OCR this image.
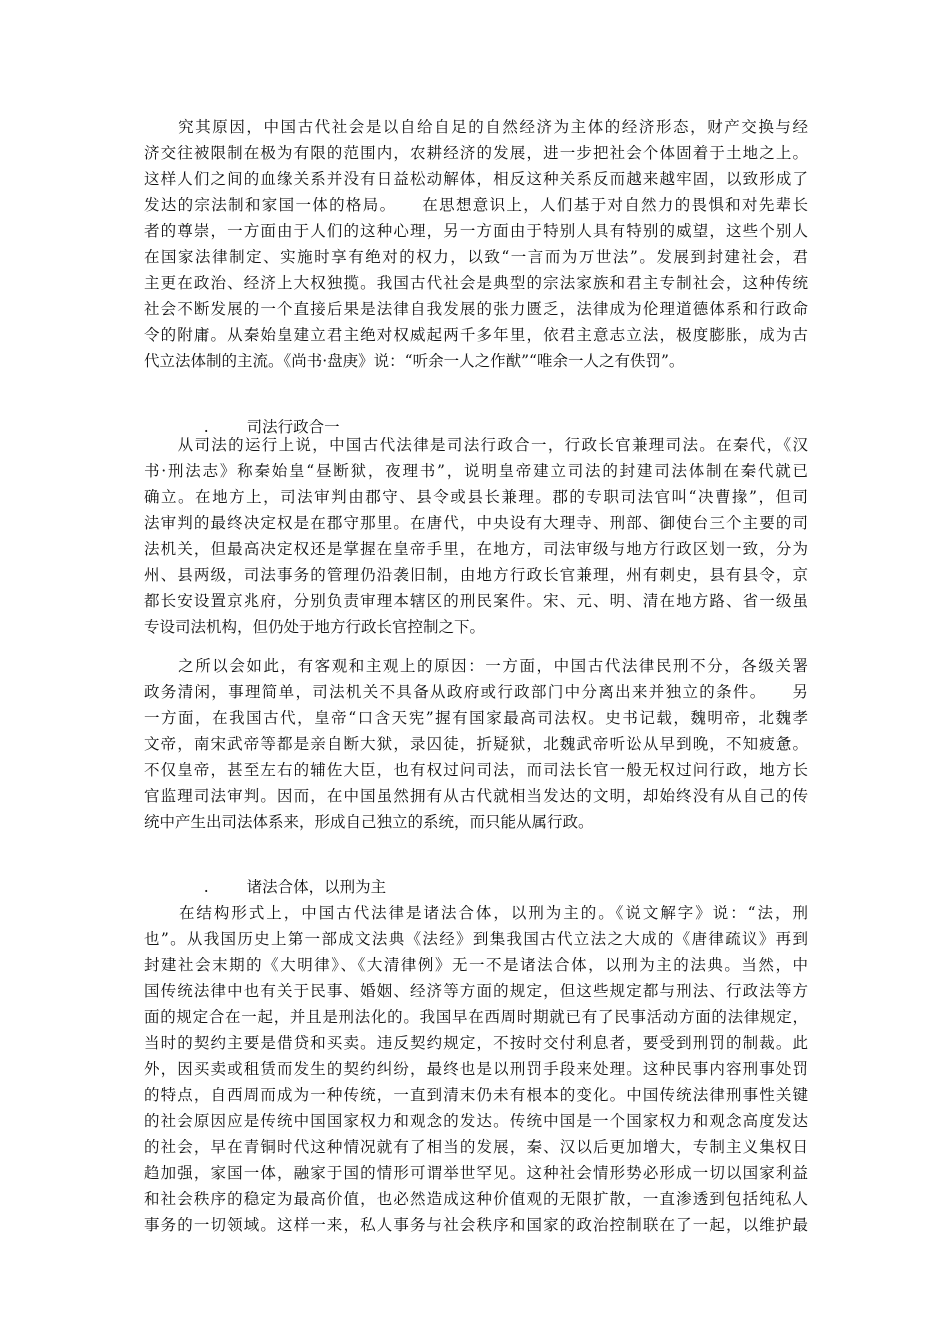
　　究其原因，中国古代社会是以自给自足的自然经济为主体的经济形态，财产交换与经
济交往被限制在极为有限的范围内，农耕经济的发展，进一步把社会个体固着于土地之上。
这样人们之间的血缘关系并没有日益松动解体，相反这种关系反而越来越牢固，以致形成了
发达的宗法制和家国一体的格局。　　在思想意识上，人们基于对自然力的畏惧和对先辈长
者的尊崇，一方面由于人们的这种心理，另一方面由于特别人具有特别的威望，这些个别人
在国家法律制定、实施时享有绝对的权力，以致“一言而为万世法”。发展到封建社会，君
主更在政治、经济上大权独揽。我国古代社会是典型的宗法家族和君主专制社会，这种传统
社会不断发展的一个直接后果是法律自我发展的张力匮乏，法律成为伦理道德体系和行政命
令的附庸。从秦始皇建立君主绝对权威起两千多年里，依君主意志立法，极度膨胀，成为古
代立法体制的主流。《尚书·盘庚》说：“听余一人之作猷”“唯余一人之有佚罚”。

. 司法行政合一

　　从司法的运行上说，中国古代法律是司法行政合一，行政长官兼理司法。在秦代，《汉
书·刑法志》称秦始皇“昼断狱，夜理书”，说明皇帝建立司法的封建司法体制在秦代就已
确立。在地方上，司法审判由郡守、县令或县长兼理。郡的专职司法官叫“决曹掾”，但司
法审判的最终决定权是在郡守那里。在唐代，中央设有大理寺、刑部、御使台三个主要的司
法机关，但最高决定权还是掌握在皇帝手里，在地方，司法审级与地方行政区划一致，分为
州、县两级，司法事务的管理仍沿袭旧制，由地方行政长官兼理，州有刺史，县有县令，京
都长安设置京兆府，分别负责审理本辖区的刑民案件。宋、元、明、清在地方路、省一级虽
专设司法机构，但仍处于地方行政长官控制之下。
　　之所以会如此，有客观和主观上的原因：一方面，中国古代法律民刑不分，各级关署
政务清闲，事理简单，司法机关不具备从政府或行政部门中分离出来并独立的条件。　　另
一方面，在我国古代，皇帝“口含天宪”握有国家最高司法权。史书记载，魏明帝，北魏孝
文帝，南宋武帝等都是亲自断大狱，录囚徒，折疑狱，北魏武帝听讼从早到晚，不知疲惫。
不仅皇帝，甚至左右的辅佐大臣，也有权过问司法，而司法长官一般无权过问行政，地方长
官监理司法审判。因而，在中国虽然拥有从古代就相当发达的文明，却始终没有从自己的传
统中产生出司法体系来，形成自己独立的系统，而只能从属行政。

. 诸法合体，以刑为主

　　在结构形式上，中国古代法律是诸法合体，以刑为主的。《说文解字》说：“法，刑
也”。从我国历史上第一部成文法典《法经》到集我国古代立法之大成的《唐律疏议》再到
封建社会末期的《大明律》、《大清律例》无一不是诸法合体，以刑为主的法典。当然，中
国传统法律中也有关于民事、婚姻、经济等方面的规定，但这些规定都与刑法、行政法等方
面的规定合在一起，并且是刑法化的。我国早在西周时期就已有了民事活动方面的法律规定，
当时的契约主要是借贷和买卖。违反契约规定，不按时交付利息者，要受到刑罚的制裁。此
外，因买卖或租赁而发生的契约纠纷，最终也是以刑罚手段来处理。这种民事内容刑事处罚
的特点，自西周而成为一种传统，一直到清末仍未有根本的变化。中国传统法律刑事性关键
的社会原因应是传统中国国家权力和观念的发达。传统中国是一个国家权力和观念高度发达
的社会，早在青铜时代这种情况就有了相当的发展，秦、汉以后更加增大，专制主义集权日
趋加强，家国一体，融家于国的情形可谓举世罕见。这种社会情形势必形成一切以国家利益
和社会秩序的稳定为最高价值，也必然造成这种价值观的无限扩散，一直渗透到包括纯私人
事务的一切领域。这样一来，私人事务与社会秩序和国家的政治控制联在了一起，以维护最
